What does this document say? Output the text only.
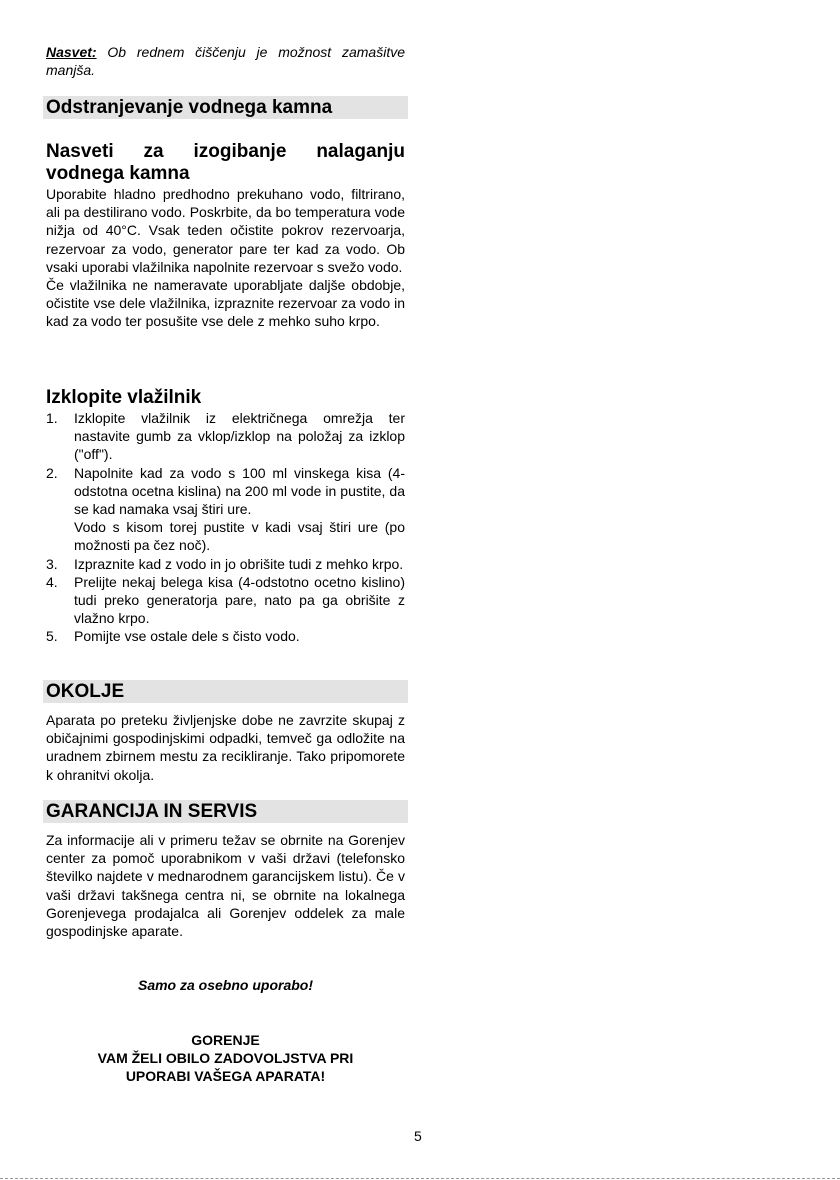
Nasvet: Ob rednem čiščenju je možnost zamašitve manjša.

Odstranjevanje vodnega kamna
Nasveti za izogibanje nalaganju vodnega kamna

Uporabite hladno predhodno prekuhano vodo, filtrirano, ali pa destilirano vodo. Poskrbite, da bo temperatura vode nižja od 40°C. Vsak teden očistite pokrov rezervoarja, rezervoar za vodo, generator pare ter kad za vodo. Ob vsaki uporabi vlažilnika napolnite rezervoar s svežo vodo.

Če vlažilnika ne nameravate uporabljate daljše obdobje, očistite vse dele vlažilnika, izpraznite rezervoar za vodo in kad za vodo ter posušite vse dele z mehko suho krpo.

Izklopite vlažilnik
1. Izklopite vlažilnik iz električnega omrežja ter nastavite gumb za vklop/izklop na položaj za izklop ("off").
2. Napolnite kad za vodo s 100 ml vinskega kisa (4-odstotna ocetna kislina) na 200 ml vode in pustite, da se kad namaka vsaj štiri ure.
Vodo s kisom torej pustite v kadi vsaj štiri ure (po možnosti pa čez noč).
3. Izpraznite kad z vodo in jo obrišite tudi z mehko krpo.
4. Prelijte nekaj belega kisa (4-odstotno ocetno kislino) tudi preko generatorja pare, nato pa ga obrišite z vlažno krpo.
5. Pomijte vse ostale dele s čisto vodo.
OKOLJE

Aparata po preteku življenjske dobe ne zavrzite skupaj z običajnimi gospodinjskimi odpadki, temveč ga odložite na uradnem zbirnem mestu za recikliranje. Tako pripomorete k ohranitvi okolja.

GARANCIJA IN SERVIS

Za informacije ali v primeru težav se obrnite na Gorenjev center za pomoč uporabnikom v vaši državi (telefonsko številko najdete v mednarodnem garancijskem listu). Če v vaši državi takšnega centra ni, se obrnite na lokalnega Gorenjevega prodajalca ali Gorenjev oddelek za male gospodinjske aparate.

Samo za osebno uporabo!
GORENJE
VAM ŽELI OBILO ZADOVOLJSTVA PRI
UPORABI VAŠEGA APARATA!
5
